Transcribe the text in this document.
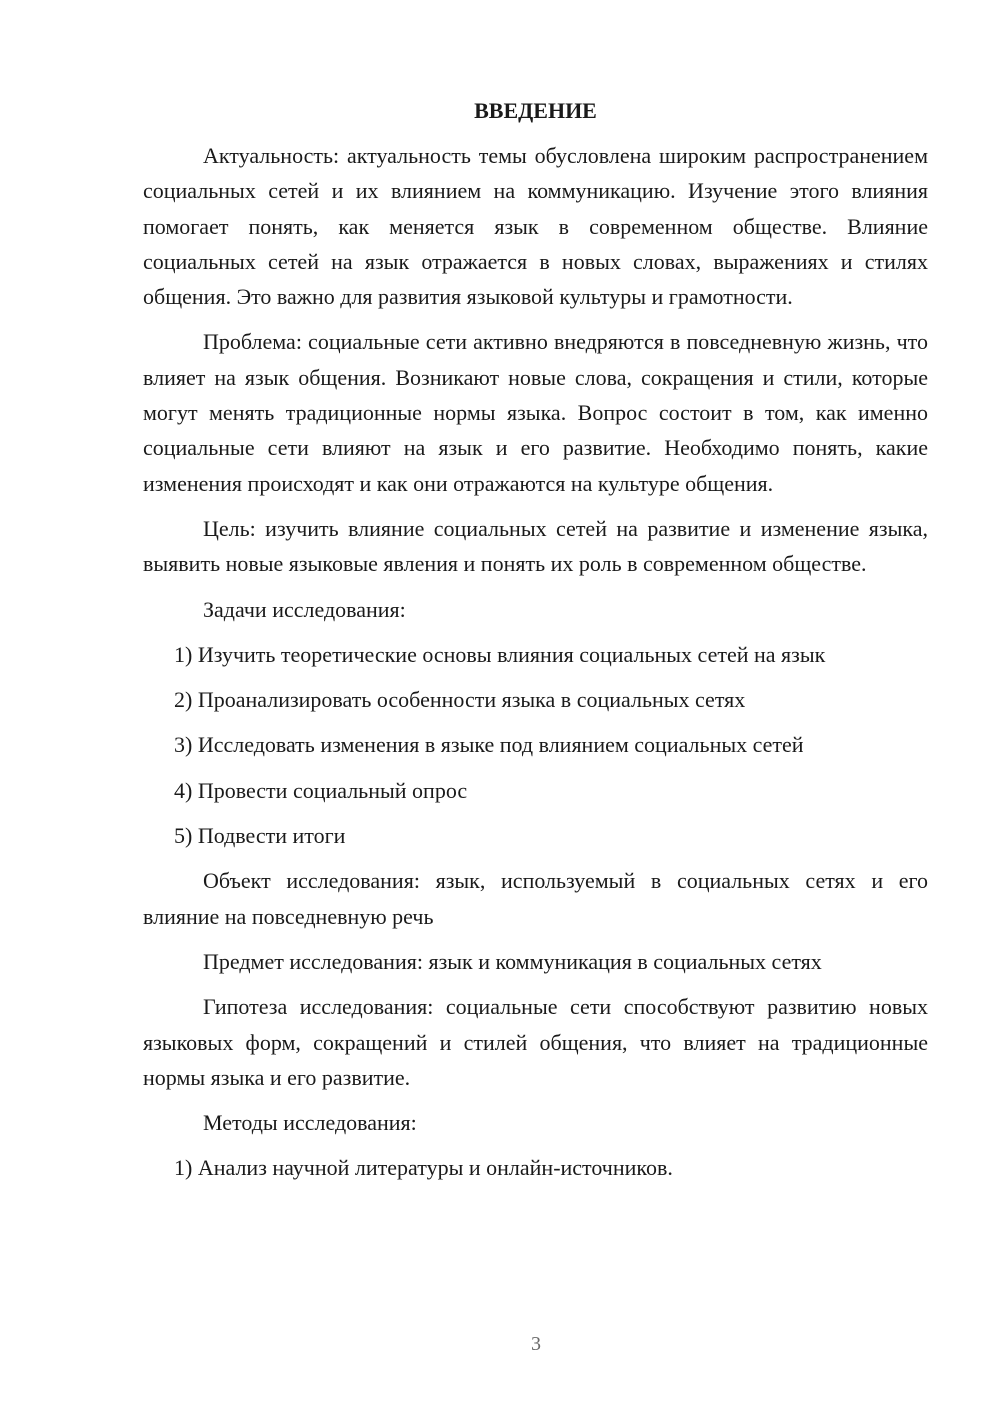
ВВЕДЕНИЕ

Актуальность: актуальность темы обусловлена широким распространением социальных сетей и их влиянием на коммуникацию. Изучение этого влияния помогает понять, как меняется язык в современном обществе. Влияние социальных сетей на язык отражается в новых словах, выражениях и стилях общения. Это важно для развития языковой культуры и грамотности.

Проблема: социальные сети активно внедряются в повседневную жизнь, что влияет на язык общения. Возникают новые слова, сокращения и стили, которые могут менять традиционные нормы языка. Вопрос состоит в том, как именно социальные сети влияют на язык и его развитие. Необходимо понять, какие изменения происходят и как они отражаются на культуре общения.

Цель: изучить влияние социальных сетей на развитие и изменение языка, выявить новые языковые явления и понять их роль в современном обществе.

Задачи исследования:

1) Изучить теоретические основы влияния социальных сетей на язык
2) Проанализировать особенности языка в социальных сетях
3) Исследовать изменения в языке под влиянием социальных сетей
4) Провести социальный опрос
5) Подвести итоги

Объект исследования: язык, используемый в социальных сетях и его влияние на повседневную речь

Предмет исследования: язык и коммуникация в социальных сетях

Гипотеза исследования: социальные сети способствуют развитию новых языковых форм, сокращений и стилей общения, что влияет на традиционные нормы языка и его развитие.

Методы исследования:

1) Анализ научной литературы и онлайн-источников.
3
